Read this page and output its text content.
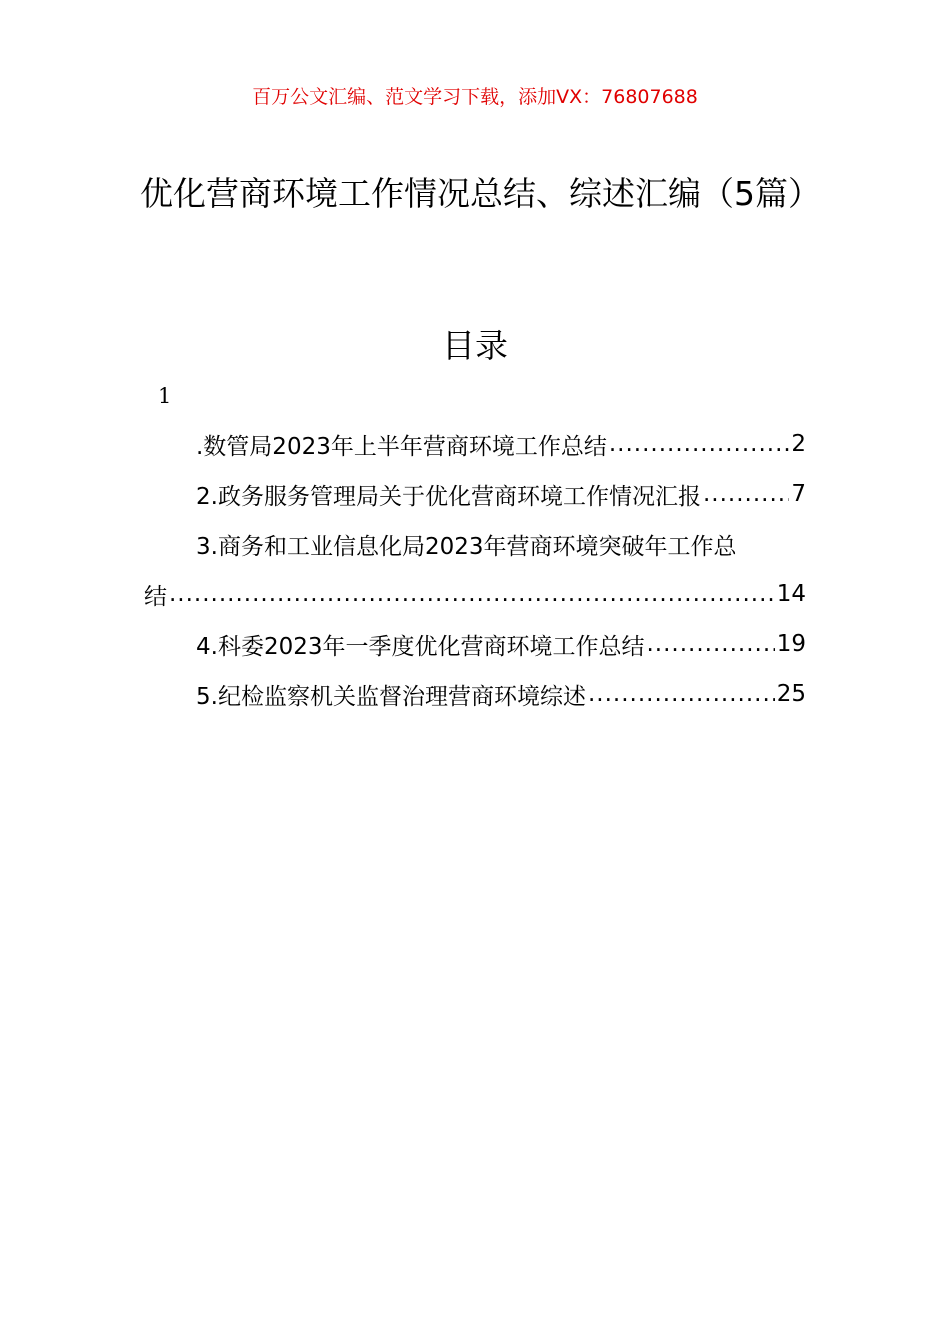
百万公文汇编、范文学习下载，添加VX：76807688
优化营商环境工作情况总结、综述汇编（5篇）
目录
1
.数管局2023年上半年营商环境工作总结 .....	2
2.政务服务管理局关于优化营商环境工作情况汇报 .....	7
3.商务和工业信息化局2023年营商环境突破年工作总
结 .....	14
4.科委2023年一季度优化营商环境工作总结 .....	19
5.纪检监察机关监督治理营商环境综述 .....	25
